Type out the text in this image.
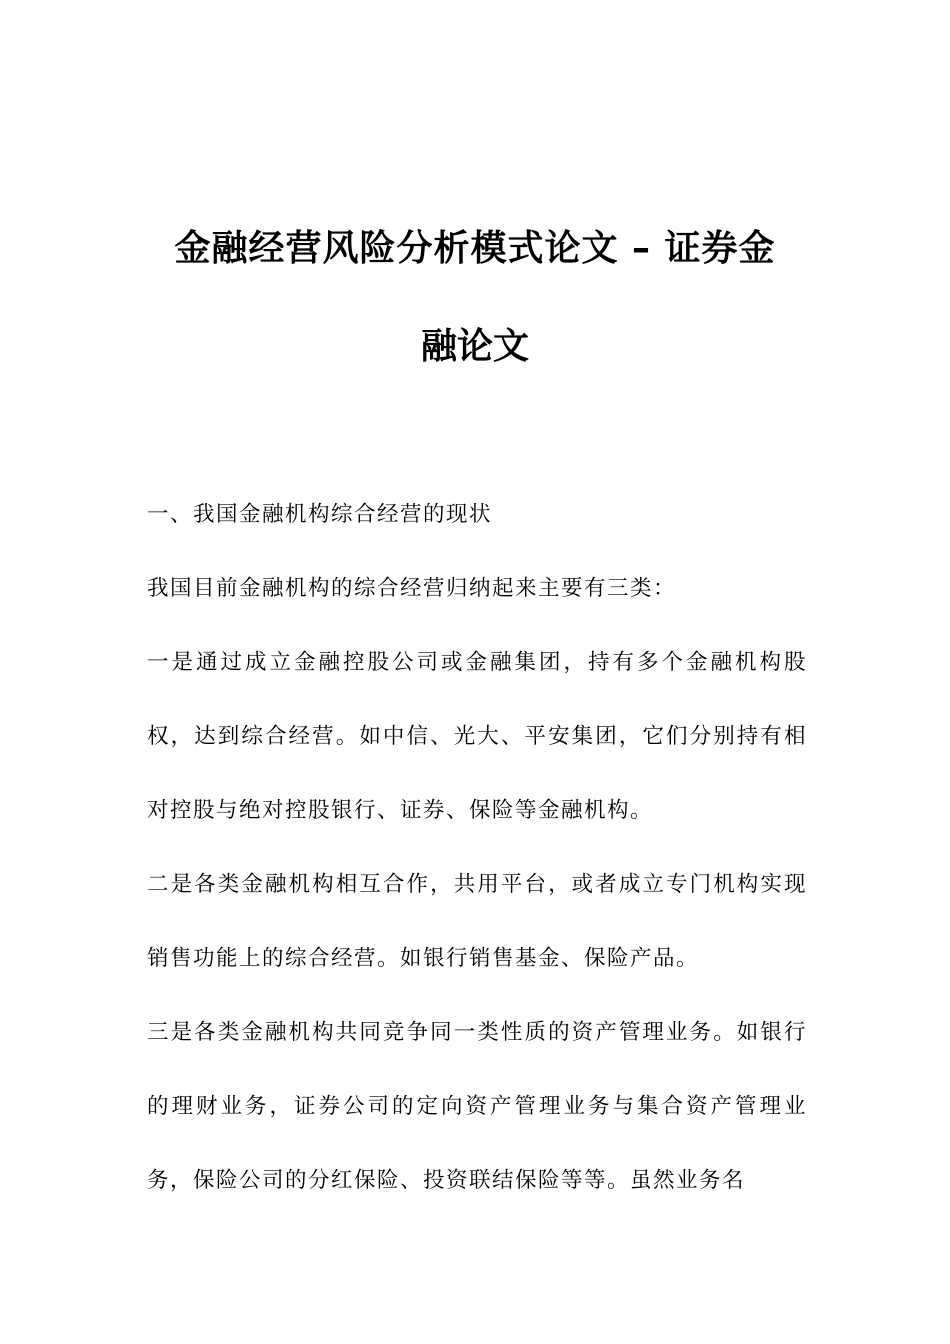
金融经营风险分析模式论文 – 证券金
融论文

一、我国金融机构综合经营的现状

我国目前金融机构的综合经营归纳起来主要有三类：

一是通过成立金融控股公司或金融集团，持有多个金融机构股权，达到综合经营。如中信、光大、平安集团，它们分别持有相对控股与绝对控股银行、证券、保险等金融机构。

二是各类金融机构相互合作，共用平台，或者成立专门机构实现销售功能上的综合经营。如银行销售基金、保险产品。

三是各类金融机构共同竞争同一类性质的资产管理业务。如银行的理财业务，证券公司的定向资产管理业务与集合资产管理业务，保险公司的分红保险、投资联结保险等等。虽然业务名
